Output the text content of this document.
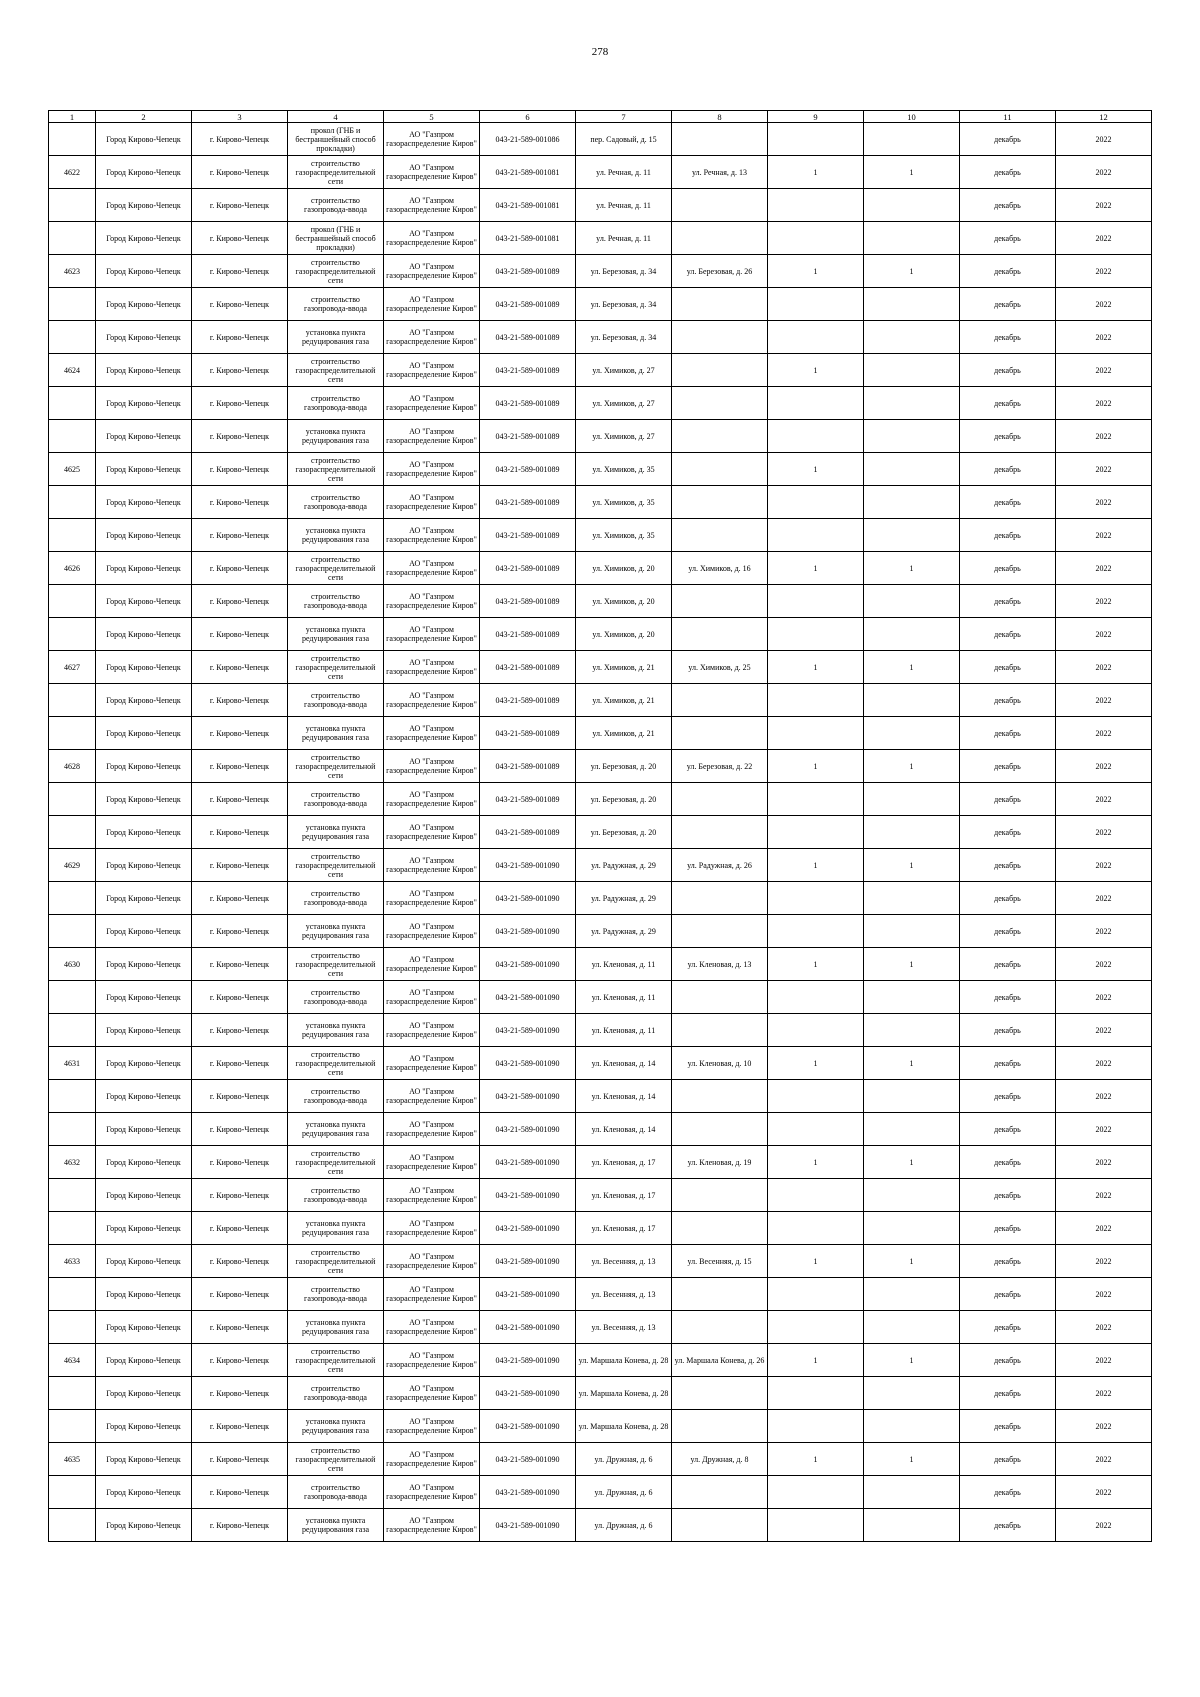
278
1	2	3	4	5	6	7	8	9	10	11	12
	Город Кирово-Чепецк	г. Кирово-Чепецк	прокол (ГНБ и бестраншейный способ прокладки)	АО "Газпром газораспределение Киров"	043-21-589-001086	пер. Садовый, д. 15				декабрь	2022
4622	Город Кирово-Чепецк	г. Кирово-Чепецк	строительство газораспределительной сети	АО "Газпром газораспределение Киров"	043-21-589-001081	ул. Речная, д. 11	ул. Речная, д. 13	1	1	декабрь	2022
	Город Кирово-Чепецк	г. Кирово-Чепецк	строительство газопровода-ввода	АО "Газпром газораспределение Киров"	043-21-589-001081	ул. Речная, д. 11				декабрь	2022
	Город Кирово-Чепецк	г. Кирово-Чепецк	прокол (ГНБ и бестраншейный способ прокладки)	АО "Газпром газораспределение Киров"	043-21-589-001081	ул. Речная, д. 11				декабрь	2022
4623	Город Кирово-Чепецк	г. Кирово-Чепецк	строительство газораспределительной сети	АО "Газпром газораспределение Киров"	043-21-589-001089	ул. Березовая, д. 34	ул. Березовая, д. 26	1	1	декабрь	2022
	Город Кирово-Чепецк	г. Кирово-Чепецк	строительство газопровода-ввода	АО "Газпром газораспределение Киров"	043-21-589-001089	ул. Березовая, д. 34				декабрь	2022
	Город Кирово-Чепецк	г. Кирово-Чепецк	установка пункта редуцирования газа	АО "Газпром газораспределение Киров"	043-21-589-001089	ул. Березовая, д. 34				декабрь	2022
4624	Город Кирово-Чепецк	г. Кирово-Чепецк	строительство газораспределительной сети	АО "Газпром газораспределение Киров"	043-21-589-001089	ул. Химиков, д. 27		1		декабрь	2022
	Город Кирово-Чепецк	г. Кирово-Чепецк	строительство газопровода-ввода	АО "Газпром газораспределение Киров"	043-21-589-001089	ул. Химиков, д. 27				декабрь	2022
	Город Кирово-Чепецк	г. Кирово-Чепецк	установка пункта редуцирования газа	АО "Газпром газораспределение Киров"	043-21-589-001089	ул. Химиков, д. 27				декабрь	2022
4625	Город Кирово-Чепецк	г. Кирово-Чепецк	строительство газораспределительной сети	АО "Газпром газораспределение Киров"	043-21-589-001089	ул. Химиков, д. 35		1		декабрь	2022
	Город Кирово-Чепецк	г. Кирово-Чепецк	строительство газопровода-ввода	АО "Газпром газораспределение Киров"	043-21-589-001089	ул. Химиков, д. 35				декабрь	2022
	Город Кирово-Чепецк	г. Кирово-Чепецк	установка пункта редуцирования газа	АО "Газпром газораспределение Киров"	043-21-589-001089	ул. Химиков, д. 35				декабрь	2022
4626	Город Кирово-Чепецк	г. Кирово-Чепецк	строительство газораспределительной сети	АО "Газпром газораспределение Киров"	043-21-589-001089	ул. Химиков, д. 20	ул. Химиков, д. 16	1	1	декабрь	2022
	Город Кирово-Чепецк	г. Кирово-Чепецк	строительство газопровода-ввода	АО "Газпром газораспределение Киров"	043-21-589-001089	ул. Химиков, д. 20				декабрь	2022
	Город Кирово-Чепецк	г. Кирово-Чепецк	установка пункта редуцирования газа	АО "Газпром газораспределение Киров"	043-21-589-001089	ул. Химиков, д. 20				декабрь	2022
4627	Город Кирово-Чепецк	г. Кирово-Чепецк	строительство газораспределительной сети	АО "Газпром газораспределение Киров"	043-21-589-001089	ул. Химиков, д. 21	ул. Химиков, д. 25	1	1	декабрь	2022
	Город Кирово-Чепецк	г. Кирово-Чепецк	строительство газопровода-ввода	АО "Газпром газораспределение Киров"	043-21-589-001089	ул. Химиков, д. 21				декабрь	2022
	Город Кирово-Чепецк	г. Кирово-Чепецк	установка пункта редуцирования газа	АО "Газпром газораспределение Киров"	043-21-589-001089	ул. Химиков, д. 21				декабрь	2022
4628	Город Кирово-Чепецк	г. Кирово-Чепецк	строительство газораспределительной сети	АО "Газпром газораспределение Киров"	043-21-589-001089	ул. Березовая, д. 20	ул. Березовая, д. 22	1	1	декабрь	2022
	Город Кирово-Чепецк	г. Кирово-Чепецк	строительство газопровода-ввода	АО "Газпром газораспределение Киров"	043-21-589-001089	ул. Березовая, д. 20				декабрь	2022
	Город Кирово-Чепецк	г. Кирово-Чепецк	установка пункта редуцирования газа	АО "Газпром газораспределение Киров"	043-21-589-001089	ул. Березовая, д. 20				декабрь	2022
4629	Город Кирово-Чепецк	г. Кирово-Чепецк	строительство газораспределительной сети	АО "Газпром газораспределение Киров"	043-21-589-001090	ул. Радужная, д. 29	ул. Радужная, д. 26	1	1	декабрь	2022
	Город Кирово-Чепецк	г. Кирово-Чепецк	строительство газопровода-ввода	АО "Газпром газораспределение Киров"	043-21-589-001090	ул. Радужная, д. 29				декабрь	2022
	Город Кирово-Чепецк	г. Кирово-Чепецк	установка пункта редуцирования газа	АО "Газпром газораспределение Киров"	043-21-589-001090	ул. Радужная, д. 29				декабрь	2022
4630	Город Кирово-Чепецк	г. Кирово-Чепецк	строительство газораспределительной сети	АО "Газпром газораспределение Киров"	043-21-589-001090	ул. Кленовая, д. 11	ул. Кленовая, д. 13	1	1	декабрь	2022
	Город Кирово-Чепецк	г. Кирово-Чепецк	строительство газопровода-ввода	АО "Газпром газораспределение Киров"	043-21-589-001090	ул. Кленовая, д. 11				декабрь	2022
	Город Кирово-Чепецк	г. Кирово-Чепецк	установка пункта редуцирования газа	АО "Газпром газораспределение Киров"	043-21-589-001090	ул. Кленовая, д. 11				декабрь	2022
4631	Город Кирово-Чепецк	г. Кирово-Чепецк	строительство газораспределительной сети	АО "Газпром газораспределение Киров"	043-21-589-001090	ул. Кленовая, д. 14	ул. Кленовая, д. 10	1	1	декабрь	2022
	Город Кирово-Чепецк	г. Кирово-Чепецк	строительство газопровода-ввода	АО "Газпром газораспределение Киров"	043-21-589-001090	ул. Кленовая, д. 14				декабрь	2022
	Город Кирово-Чепецк	г. Кирово-Чепецк	установка пункта редуцирования газа	АО "Газпром газораспределение Киров"	043-21-589-001090	ул. Кленовая, д. 14				декабрь	2022
4632	Город Кирово-Чепецк	г. Кирово-Чепецк	строительство газораспределительной сети	АО "Газпром газораспределение Киров"	043-21-589-001090	ул. Кленовая, д. 17	ул. Кленовая, д. 19	1	1	декабрь	2022
	Город Кирово-Чепецк	г. Кирово-Чепецк	строительство газопровода-ввода	АО "Газпром газораспределение Киров"	043-21-589-001090	ул. Кленовая, д. 17				декабрь	2022
	Город Кирово-Чепецк	г. Кирово-Чепецк	установка пункта редуцирования газа	АО "Газпром газораспределение Киров"	043-21-589-001090	ул. Кленовая, д. 17				декабрь	2022
4633	Город Кирово-Чепецк	г. Кирово-Чепецк	строительство газораспределительной сети	АО "Газпром газораспределение Киров"	043-21-589-001090	ул. Весенняя, д. 13	ул. Весенняя, д. 15	1	1	декабрь	2022
	Город Кирово-Чепецк	г. Кирово-Чепецк	строительство газопровода-ввода	АО "Газпром газораспределение Киров"	043-21-589-001090	ул. Весенняя, д. 13				декабрь	2022
	Город Кирово-Чепецк	г. Кирово-Чепецк	установка пункта редуцирования газа	АО "Газпром газораспределение Киров"	043-21-589-001090	ул. Весенняя, д. 13				декабрь	2022
4634	Город Кирово-Чепецк	г. Кирово-Чепецк	строительство газораспределительной сети	АО "Газпром газораспределение Киров"	043-21-589-001090	ул. Маршала Конева, д. 28	ул. Маршала Конева, д. 26	1	1	декабрь	2022
	Город Кирово-Чепецк	г. Кирово-Чепецк	строительство газопровода-ввода	АО "Газпром газораспределение Киров"	043-21-589-001090	ул. Маршала Конева, д. 28				декабрь	2022
	Город Кирово-Чепецк	г. Кирово-Чепецк	установка пункта редуцирования газа	АО "Газпром газораспределение Киров"	043-21-589-001090	ул. Маршала Конева, д. 28				декабрь	2022
4635	Город Кирово-Чепецк	г. Кирово-Чепецк	строительство газораспределительной сети	АО "Газпром газораспределение Киров"	043-21-589-001090	ул. Дружная, д. 6	ул. Дружная, д. 8	1	1	декабрь	2022
	Город Кирово-Чепецк	г. Кирово-Чепецк	строительство газопровода-ввода	АО "Газпром газораспределение Киров"	043-21-589-001090	ул. Дружная, д. 6				декабрь	2022
	Город Кирово-Чепецк	г. Кирово-Чепецк	установка пункта редуцирования газа	АО "Газпром газораспределение Киров"	043-21-589-001090	ул. Дружная, д. 6				декабрь	2022
